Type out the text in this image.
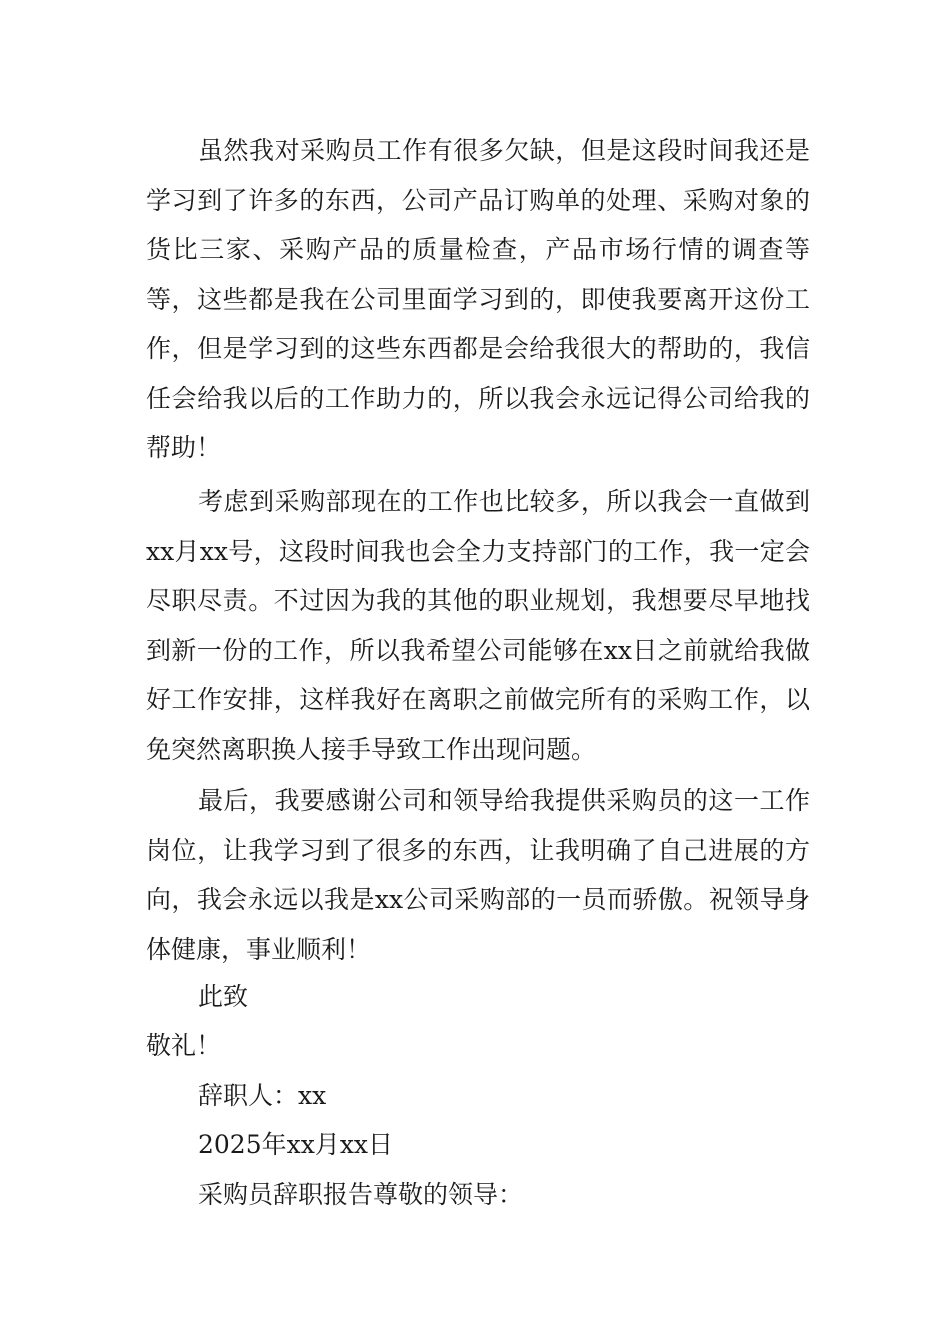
虽然我对采购员工作有很多欠缺，但是这段时间我还是学习到了许多的东西，公司产品订购单的处理、采购对象的货比三家、采购产品的质量检查，产品市场行情的调查等等，这些都是我在公司里面学习到的，即使我要离开这份工作，但是学习到的这些东西都是会给我很大的帮助的，我信任会给我以后的工作助力的，所以我会永远记得公司给我的帮助！

考虑到采购部现在的工作也比较多，所以我会一直做到xx月xx号，这段时间我也会全力支持部门的工作，我一定会尽职尽责。不过因为我的其他的职业规划，我想要尽早地找到新一份的工作，所以我希望公司能够在xx日之前就给我做好工作安排，这样我好在离职之前做完所有的采购工作，以免突然离职换人接手导致工作出现问题。

最后，我要感谢公司和领导给我提供采购员的这一工作岗位，让我学习到了很多的东西，让我明确了自己进展的方向，我会永远以我是xx公司采购部的一员而骄傲。祝领导身体健康，事业顺利！

此致

敬礼！

辞职人：xx

2025年xx月xx日

采购员辞职报告尊敬的领导：
